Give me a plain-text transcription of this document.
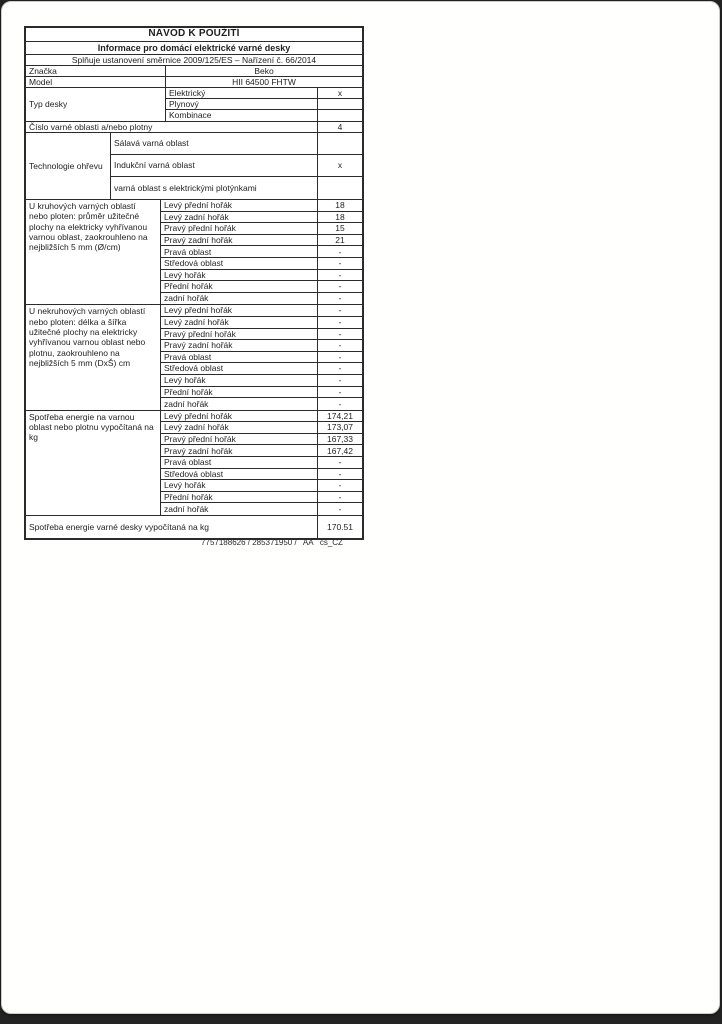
NÁVOD K POUŽITÍ
Informace pro domácí elektrické varné desky
Splňuje ustanovení směrnice 2009/125/ES – Nařízení č. 66/2014
Značka	Beko
Model	HII 64500 FHTW
Typ desky
Elektrický	x
Plynový
Kombinace
Číslo varné oblasti a/nebo plotny	4
Technologie ohřevu
Sálavá varná oblast
Indukční varná oblast	x
varná oblast s elektrickými plotýnkami
U kruhových varných oblastí nebo ploten: průměr užitečné plochy na elektricky vyhřívanou varnou oblast, zaokrouhleno na nejbližších 5 mm (Ø/cm)
Levý přední hořák	18
Levý zadní hořák	18
Pravý přední hořák	15
Pravý zadní hořák	21
Pravá oblast	-
Středová oblast	-
Levý hořák	-
Přední hořák	-
zadní hořák	-
U nekruhových varných oblastí nebo ploten: délka a šířka užitečné plochy na elektricky vyhřívanou varnou oblast nebo plotnu, zaokrouhleno na nejbližších 5 mm (DxŠ) cm
Levý přední hořák	-
Levý zadní hořák	-
Pravý přední hořák	-
Pravý zadní hořák	-
Pravá oblast	-
Středová oblast	-
Levý hořák	-
Přední hořák	-
zadní hořák	-
Spotřeba energie na varnou oblast nebo plotnu vypočítaná na kg
Levý přední hořák	174,21
Levý zadní hořák	173,07
Pravý přední hořák	167,33
Pravý zadní hořák	167,42
Pravá oblast	-
Středová oblast	-
Levý hořák	-
Přední hořák	-
zadní hořák	-
Spotřeba energie varné desky vypočítaná na kg	170.51
7757188626 / 285371950 /   AA   cs_CZ
